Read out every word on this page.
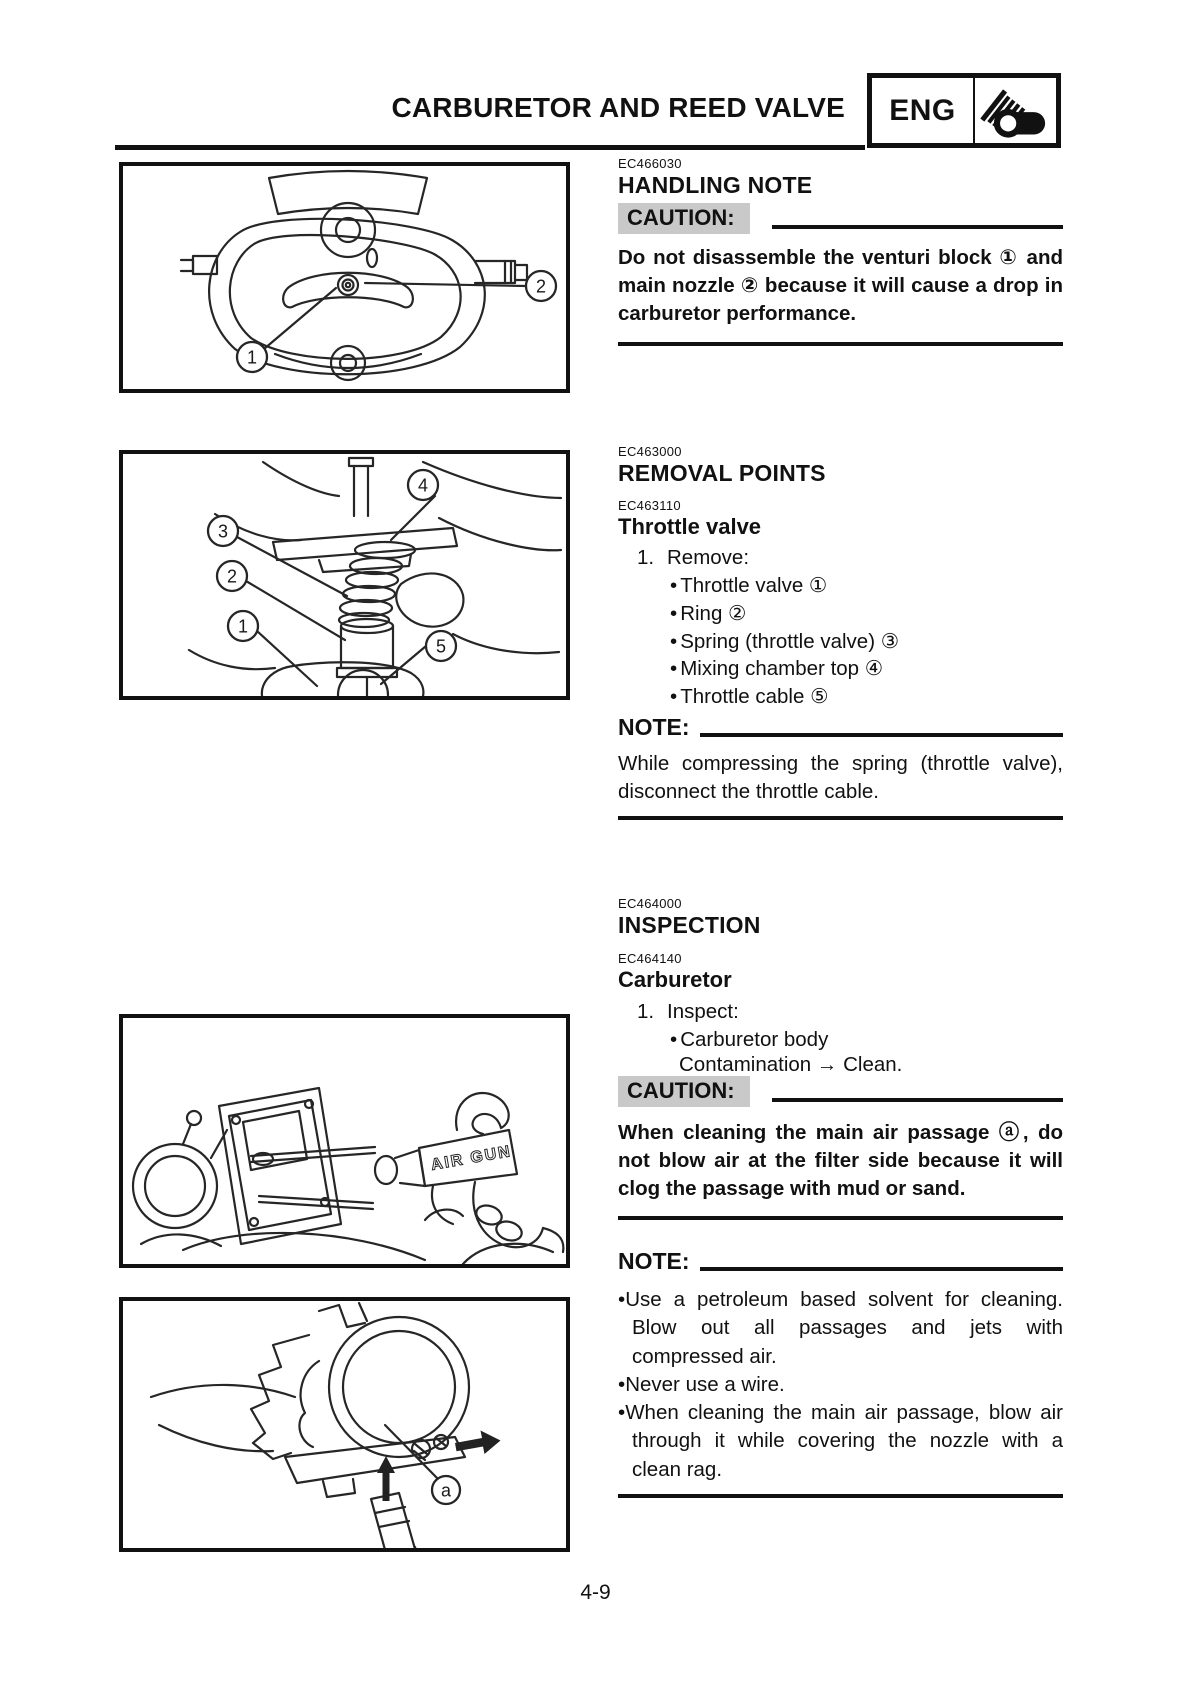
CARBURETOR AND REED VALVE	ENG
1
2
4
3
2
1
5
AIR GUN
a
EC466030
HANDLING NOTE
CAUTION:
Do not disassemble the venturi block ① and main nozzle ② because it will cause a drop in carburetor performance.
EC463000
REMOVAL POINTS
EC463110
Throttle valve
1. Remove:
• Throttle valve ①
• Ring ②
• Spring (throttle valve) ③
• Mixing chamber top ④
• Throttle cable ⑤
NOTE:
While compressing the spring (throttle valve), disconnect the throttle cable.
EC464000
INSPECTION
EC464140
Carburetor
1. Inspect:
• Carburetor body
Contamination → Clean.
CAUTION:
When cleaning the main air passage ⓐ, do not blow air at the filter side because it will clog the passage with mud or sand.
NOTE:
• Use a petroleum based solvent for cleaning. Blow out all passages and jets with compressed air.
• Never use a wire.
• When cleaning the main air passage, blow air through it while covering the nozzle with a clean rag.
4-9
